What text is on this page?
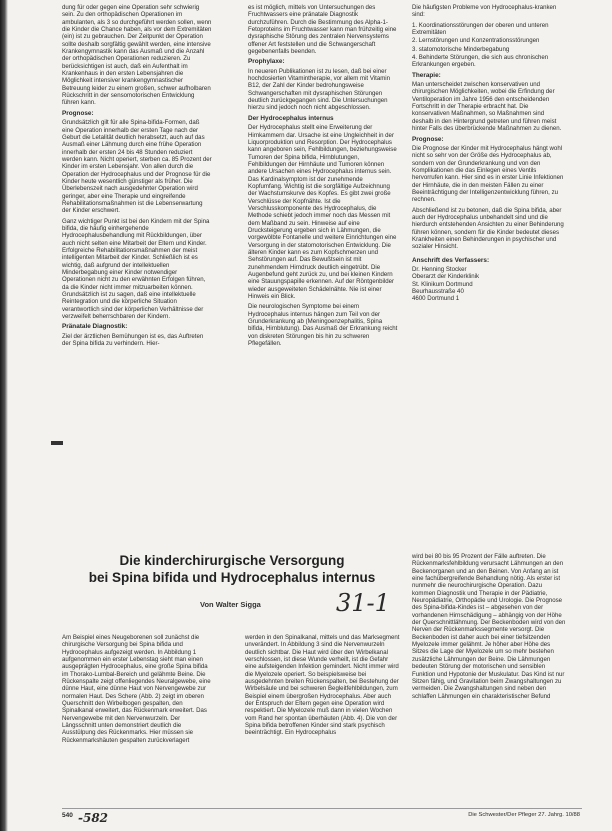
dung für oder gegen eine Operation sehr schwierig sein. Zu den orthopädischen Operationen im ambulanten, als 3 so durchgeführt werden sollen, wenn die Kinder die Chance haben, als vor dem Extremitäten (ein) ist zu gebrauchen. Der Zeitpunkt der Operation sollte deshalb sorgfältig gewählt werden, eine intensive Krankengymnastik kann das Ausmaß und die Anzahl der orthopädischen Operationen reduzieren. Zu berücksichtigen ist auch, daß ein Aufenthalt im Krankenhaus in den ersten Lebensjahren die Möglichkeit intensiver krankengymnastischer Betreuung leider zu einem großen, schwer aufholbaren Rückschritt in der sensomotorischen Entwicklung führen kann.

Prognose:

Grundsätzlich gilt für alle Spina-bifida-Formen, daß eine Operation innerhalb der ersten Tage nach der Geburt die Letalität deutlich herabsetzt, auch auf das Ausmaß einer Lähmung durch eine frühe Operation innerhalb der ersten 24 bis 48 Stunden reduziert werden kann. Nicht operiert, sterben ca. 85 Prozent der Kinder im ersten Lebensjahr. Von allen durch die Operation der Hydrocephalus und der Prognose für die Kinder heute wesentlich günstiger als früher. Die Überlebenszeit nach ausgedehnter Operation wird geringer, aber eine Therapie und eingreifende Rehabilitationsmaßnahmen ist die Lebenserwartung der Kinder erschwert.

Ganz wichtiger Punkt ist bei den Kindern mit der Spina bifida, die häufig einhergehende Hydrocephalusbehandlung mit Rückbildungen, über auch nicht selten eine Mitarbeit der Eltern und Kinder. Erfolgreiche Rehabilitationsmaßnahmen der meist intelligenten Mitarbeit der Kinder. Schließlich ist es wichtig, daß aufgrund der intellektuellen Minderbegabung einer Kinder notwendiger Operationen nicht zu den erwähnten Erfolgen führen, da die Kinder nicht immer mitzuarbeiten können. Grundsätzlich ist zu sagen, daß eine intellektuelle Reintegration und die körperliche Situation verantwortlich sind der körperlichen Verhältnisse der verzweifelt beherrschbaren der Kindern.

Pränatale Diagnostik:

Ziel der ärztlichen Bemühungen ist es, das Auftreten der Spina bifida zu verhindern. Hier-

es ist möglich, mittels von Untersuchungen des Fruchtwassers eine pränatale Diagnostik durchzuführen. Durch die Bestimmung des Alpha-1-Fetoproteins im Fruchtwasser kann man frühzeitig eine dysraphische Störung des zentralen Nervensystems offener Art feststellen und die Schwangerschaft gegebenenfalls beenden.

Prophylaxe:

In neueren Publikationen ist zu lesen, daß bei einer hochdosierten Vitamintherapie, vor allem mit Vitamin B12, der Zahl der Kinder bedrohungsweise Schwangerschaften mit dysraphischen Störungen deutlich zurückgegangen sind. Die Untersuchungen hierzu sind jedoch noch nicht abgeschlossen.

Der Hydrocephalus internus

Der Hydrocephalus stellt eine Erweiterung der Hirnkammern dar. Ursache ist eine Ungleichheit in der Liquorproduktion und Resorption. Der Hydrocephalus kann angeboren sein, Fehlbildungen, beziehungsweise Tumoren der Spina bifida, Hirnblutungen, Fehlbildungen der Hirnhäute und Tumoren können andere Ursachen eines Hydrocephalus internus sein. Das Kardinalsymptom ist der zunehmende Kopfumfang. Wichtig ist die sorgfältige Aufzeichnung der Wachstumskurve des Kopfes. Es gibt zwei große Verschlüsse der Kopfnähte. Ist die Verschlusskomponente des Hydrocephalus, die Methode schiebt jedoch immer noch das Messen mit dem Maßband zu sein. Hinweise auf eine Drucksteigerung ergeben sich in Lähmungen, die vorgewölbte Fontanelle und weitere Einrichtungen eine Versorgung in der statomotorischen Entwicklung. Die älteren Kinder kann es zum Kopfschmerzen und Sehstörungen auf. Das Bewußtsein ist mit zunehmendem Hirndruck deutlich eingetrübt. Die Augenbefund geht zurück zu, und bei kleinen Kindern eine Stauungspapille erkennen. Auf der Röntgenbilder wieder ausgeweiteten Schädelnähte. Nie ist einer Hinweis ein Blick.

Die neurologischen Symptome bei einem Hydrocephalus internus hängen zum Teil von der Grunderkrankung ab (Meningoenzephalitis, Spina bifida, Hirnblutung). Das Ausmaß der Erkrankung reicht von diskreten Störungen bis hin zu schweren Pflegefällen.

Die häufigsten Probleme von Hydrocephalus-kranken sind:

1. Koordinationsstörungen der oberen und unteren Extremitäten
2. Lernstörungen und Konzentrationsstörungen
3. statomotorische Minderbegabung
4. Behinderte Störungen, die sich aus chronischen Erkrankungen ergeben.
Therapie:

Man unterscheidet zwischen konservativen und chirurgischen Möglichkeiten, wobei die Erfindung der Ventiloperation im Jahre 1956 den entscheidenden Fortschritt in der Therapie erbracht hat. Die konservativen Maßnahmen, so Maßnahmen sind deshalb in den Hintergrund getreten und führen meist hinter Falls des überbrückende Maßnahmen zu dienen.

Prognose:

Die Prognose der Kinder mit Hydrocephalus hängt wohl nicht so sehr von der Größe des Hydrocephalus ab, sondern von der Grunderkrankung und von den Komplikationen die das Einlegen eines Ventils hervorrufen kann. Hier sind es in erster Linie Infektionen der Hirnhäute, die in den meisten Fällen zu einer Beeinträchtigung der Intelligenzentwicklung führen, zu rechnen.

Abschließend ist zu betonen, daß die Spina bifida, aber auch der Hydrocephalus unbehandelt sind und die hierdurch entstehenden Ansichten zu einer Behinderung führen können, sondern für die Kinder bedeutet dieses Krankheiten einen Behinderungen in psychischer und sozialer Hinsicht.

Anschrift des Verfassers:
Dr. Henning Stocker
Oberarzt der Kinderklinik
St. Klinikum Dortmund
Beurhausstraße 40
4600 Dortmund 1
Die kinderchirurgische Versorgung
bei Spina bifida und Hydrocephalus internus
Von Walter Sigga	31-1

Am Beispiel eines Neugeborenen soll zunächst die chirurgische Versorgung bei Spina bifida und Hydrocephalus aufgezeigt werden. In Abbildung 1 aufgenommen ein erster Lebenstag sieht man einen ausgeprägten Hydrocephalus, eine große Spina bifida im Thorako-Lumbal-Bereich und gelähmte Beine. Die Rückenspalte zeigt offenliegendes Neuralgewebe, eine dünne Haut, eine dünne Haut von Nervengewebe zur normalen Haut. Des Schere (Abb. 2) zeigt im oberen Querschnitt den Wirbelbogen gespalten, den Spinalkanal erweitert, das Rückenmark erweitert. Das Nervengewebe mit den Nervenwurzeln. Der Längsschnitt unten demonstriert deutlich die Ausstülpung des Rückenmarks. Hier müssen sie Rückenmarkshäuten gespalten zurückverlagert

werden in den Spinalkanal, mittels und das Marksegment unverändert. In Abbildung 3 sind die Nervenwurzeln deutlich sichtbar. Die Haut wird über den Wirbelkanal verschlossen, ist diese Wunde verheilt, ist die Gefahr eine aufsteigenden Infektion gemindert. Nicht immer wird die Myelozele operiert. So beispielsweise bei ausgedehnten breiten Rückenspalten, bei Bestehung der Wirbelsäule und bei schweren Begleitfehlbildungen, zum Beispiel einem übergroßen Hydrocephalus. Aber auch der Entspruch der Eltern gegen eine Operation wird respektiert. Die Myelozele muß dann in vielen Wochen vom Rand her spontan überhäuten (Abb. 4). Die von der Spina bifida betroffenen Kinder sind stark psychisch beeinträchtigt. Ein Hydrocephalus

wird bei 80 bis 95 Prozent der Fälle auftreten. Die Rückenmarksfehlbildung verursacht Lähmungen an den Beckenorganen und an den Beinen. Von Anfang an ist eine fachübergreifende Behandlung nötig. Als erster ist nunmehr die neurochirurgische Operation. Dazu kommen Diagnostik und Therapie in der Pädiatrie, Neuropädiatrie, Orthopädie und Urologie. Die Prognose des Spina-bifida-Kindes ist – abgesehen von der vorhandenen Hirnschädigung – abhängig von der Höhe der Querschnittlähmung. Der Beckenboden wird von den Nerven der Rückenmarkssegmente versorgt. Die Beckenboden ist daher auch bei einer tiefsitzenden Myelozele immer gelähmt. Je höher aber Höhe des Sitzes die Lage der Myelozele um so mehr bestehen zusätzliche Lähmungen der Beine. Die Lähmungen bedeuten Störung der motorischen und sensiblen Funktion und Hypotonie der Muskulatur. Das Kind ist nur Sitzen fähig, und Gravitation beim Zwangshaltungen zu vermeiden. Die Zwangshaltungen sind neben den schlaffen Lähmungen ein charakteristischer Befund

540 -582	Die Schwester/Der Pfleger 27. Jahrg. 10/88
